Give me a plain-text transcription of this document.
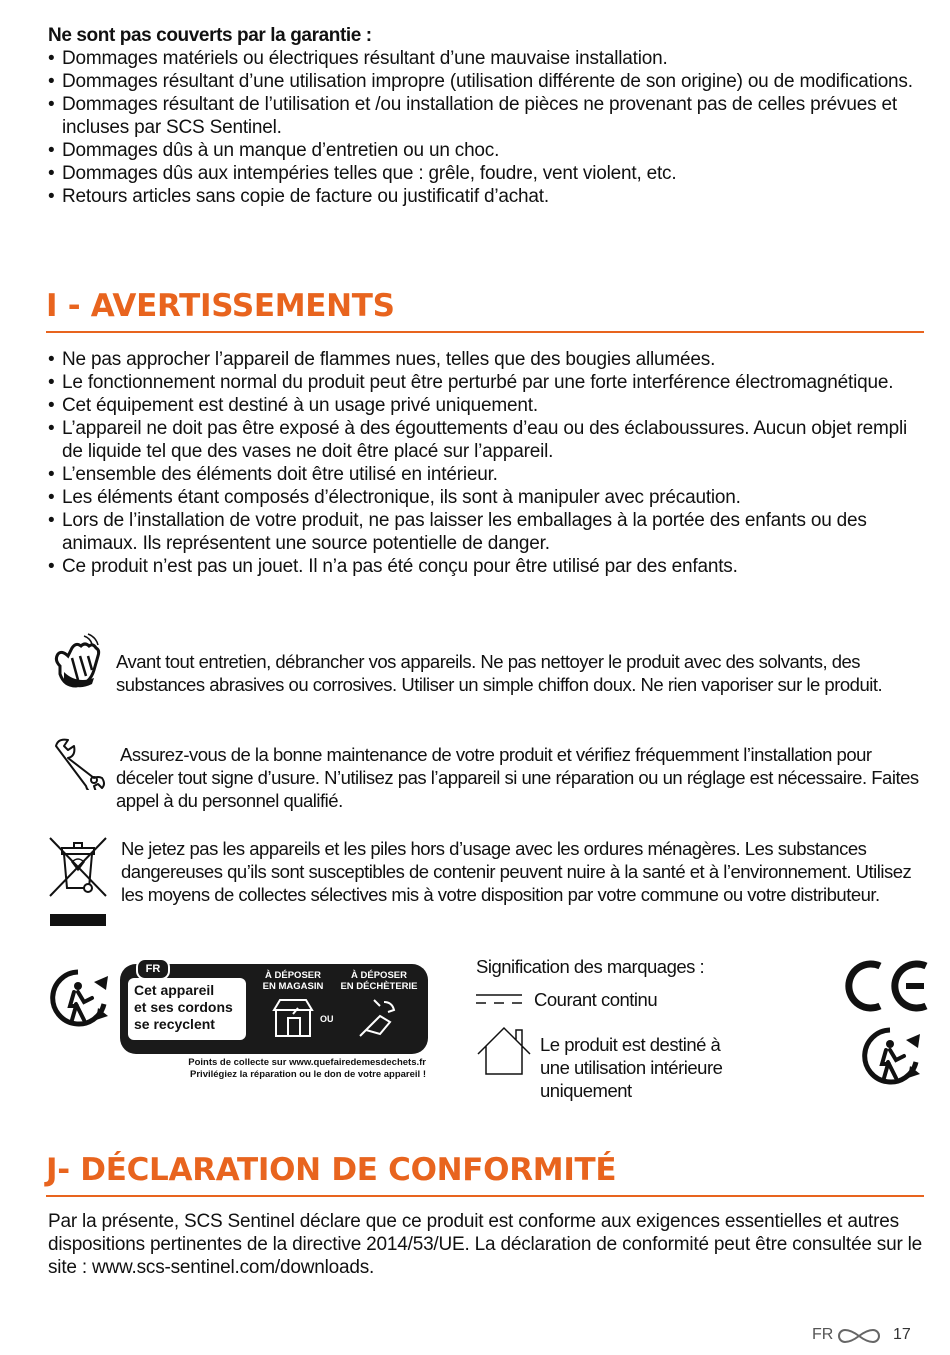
Ne sont pas couverts par la garantie :
• Dommages matériels ou électriques résultant d’une mauvaise installation.
• Dommages résultant d’une utilisation impropre (utilisation différente de son origine) ou de modifications.
• Dommages résultant de l’utilisation et /ou installation de pièces ne provenant pas de celles prévues et incluses par SCS Sentinel.
• Dommages dûs à un manque d’entretien ou un choc.
• Dommages dûs aux intempéries telles que : grêle, foudre, vent violent, etc.
• Retours articles sans copie de facture ou justificatif d’achat.
I - AVERTISSEMENTS
• Ne pas approcher l’appareil de flammes nues, telles que des bougies allumées.
• Le fonctionnement normal du produit peut être perturbé par une forte interférence électromagnétique.
• Cet équipement est destiné à un usage privé uniquement.
• L’appareil ne doit pas être exposé à des égouttements d’eau ou des éclaboussures. Aucun objet rempli de liquide tel que des vases ne doit être placé sur l’appareil.
• L’ensemble des éléments doit être utilisé en intérieur.
• Les éléments étant composés d’électronique, ils sont à manipuler avec précaution.
• Lors de l’installation de votre produit, ne pas laisser les emballages à la portée des enfants ou des animaux. Ils représentent une source potentielle de danger.
• Ce produit n’est pas un jouet. Il n’a pas été conçu pour être utilisé par des enfants.
Avant tout entretien, débrancher vos appareils. Ne pas nettoyer le produit avec des solvants, des substances abrasives ou corrosives. Utiliser un simple chiffon doux. Ne rien vaporiser sur le produit.
Assurez-vous de la bonne maintenance de votre produit et vérifiez fréquemment l’installation pour déceler tout signe d’usure. N’utilisez pas l’appareil si une réparation ou un réglage est nécessaire. Faites appel à du personnel qualifié.
Ne jetez pas les appareils et les piles hors d’usage avec les ordures ménagères. Les substances dangereuses qu’ils sont susceptibles de contenir peuvent nuire à la santé et à l’environnement. Utilisez les moyens de collectes sélectives mis à votre disposition par votre commune ou votre distributeur.
FR
Cet appareil
et ses cordons
se recyclent
À DÉPOSER
EN MAGASIN
À DÉPOSER
EN DÉCHÈTERIE
OU
Points de collecte sur www.quefairedemesdechets.fr
Privilégiez la réparation ou le don de votre appareil !
Signification des marquages :
Courant continu
Le produit est destiné à une utilisation intérieure uniquement
J- DÉCLARATION DE CONFORMITÉ
Par la présente, SCS Sentinel déclare que ce produit est conforme aux exigences essentielles et autres dispositions pertinentes de la directive 2014/53/UE. La déclaration de conformité peut être consultée sur le site : www.scs-sentinel.com/downloads.
FR	17
